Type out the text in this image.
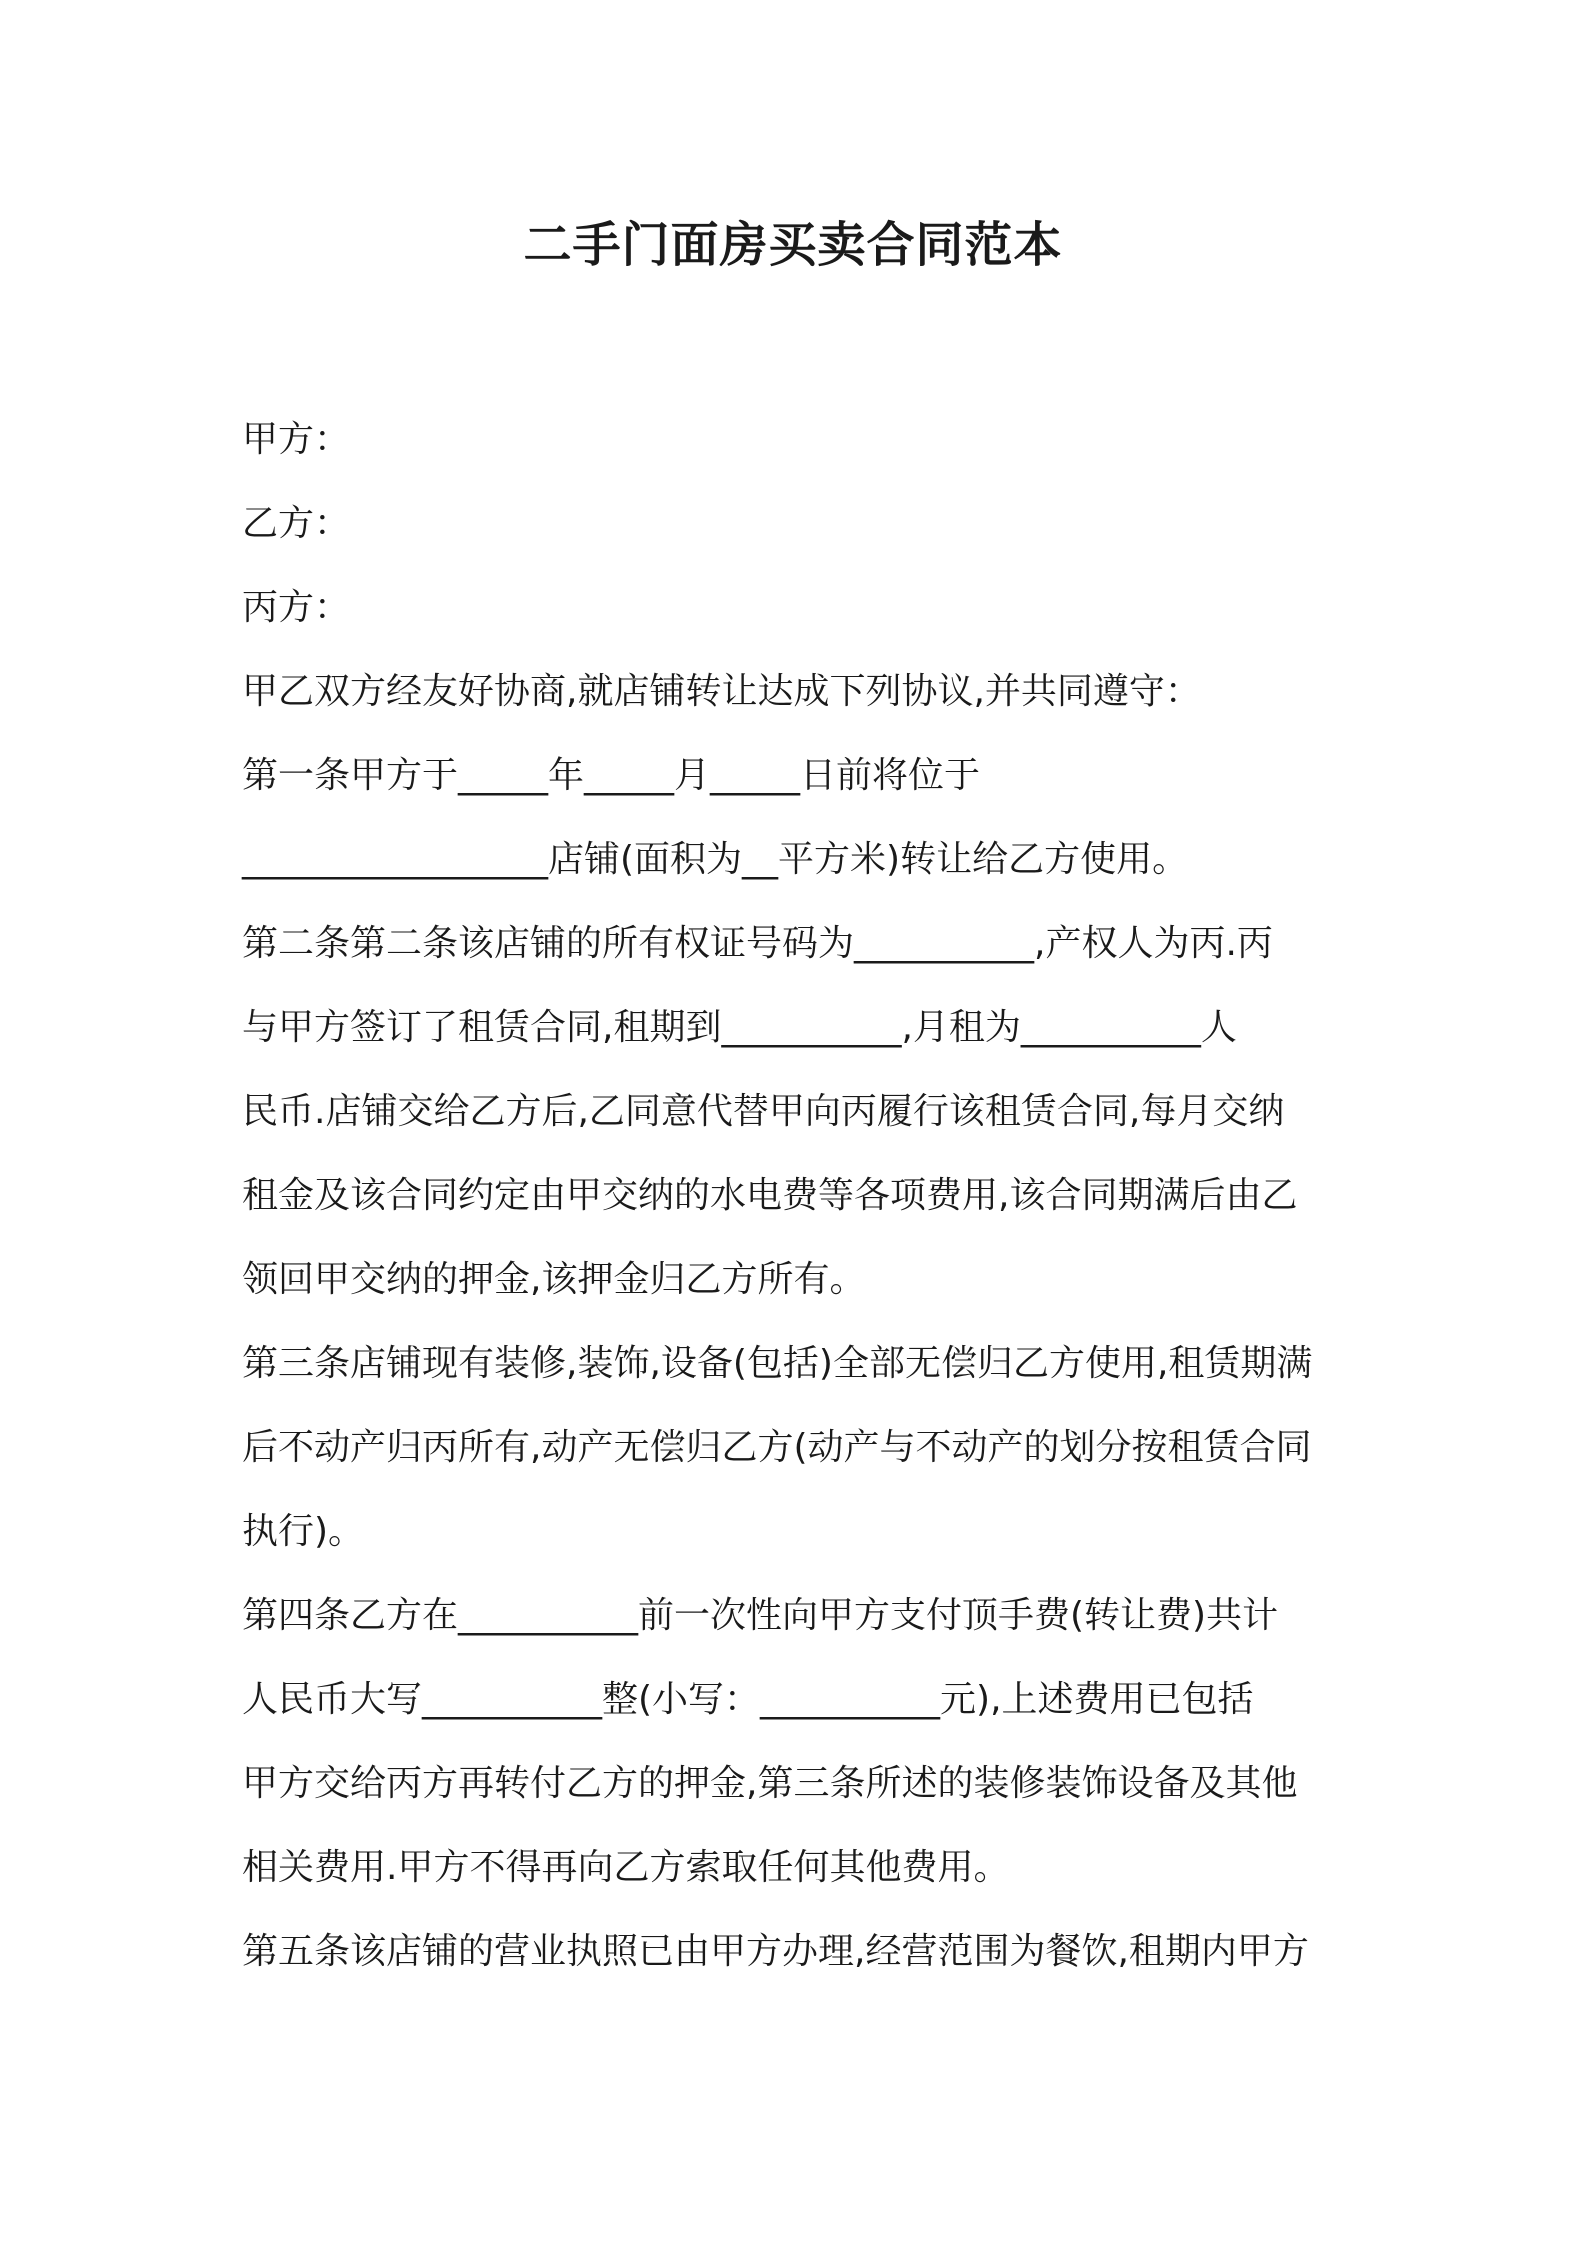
二手门面房买卖合同范本
甲方：
乙方：
丙方：
甲乙双方经友好协商,就店铺转让达成下列协议,并共同遵守：
第一条甲方于_____年_____月_____日前将位于
_________________店铺(面积为__平方米)转让给乙方使用。
第二条第二条该店铺的所有权证号码为__________,产权人为丙.丙
与甲方签订了租赁合同,租期到__________,月租为__________人
民币.店铺交给乙方后,乙同意代替甲向丙履行该租赁合同,每月交纳
租金及该合同约定由甲交纳的水电费等各项费用,该合同期满后由乙
领回甲交纳的押金,该押金归乙方所有。
第三条店铺现有装修,装饰,设备(包括)全部无偿归乙方使用,租赁期满
后不动产归丙所有,动产无偿归乙方(动产与不动产的划分按租赁合同
执行)。
第四条乙方在__________前一次性向甲方支付顶手费(转让费)共计
人民币大写__________整(小写：__________元),上述费用已包括
甲方交给丙方再转付乙方的押金,第三条所述的装修装饰设备及其他
相关费用.甲方不得再向乙方索取任何其他费用。
第五条该店铺的营业执照已由甲方办理,经营范围为餐饮,租期内甲方
